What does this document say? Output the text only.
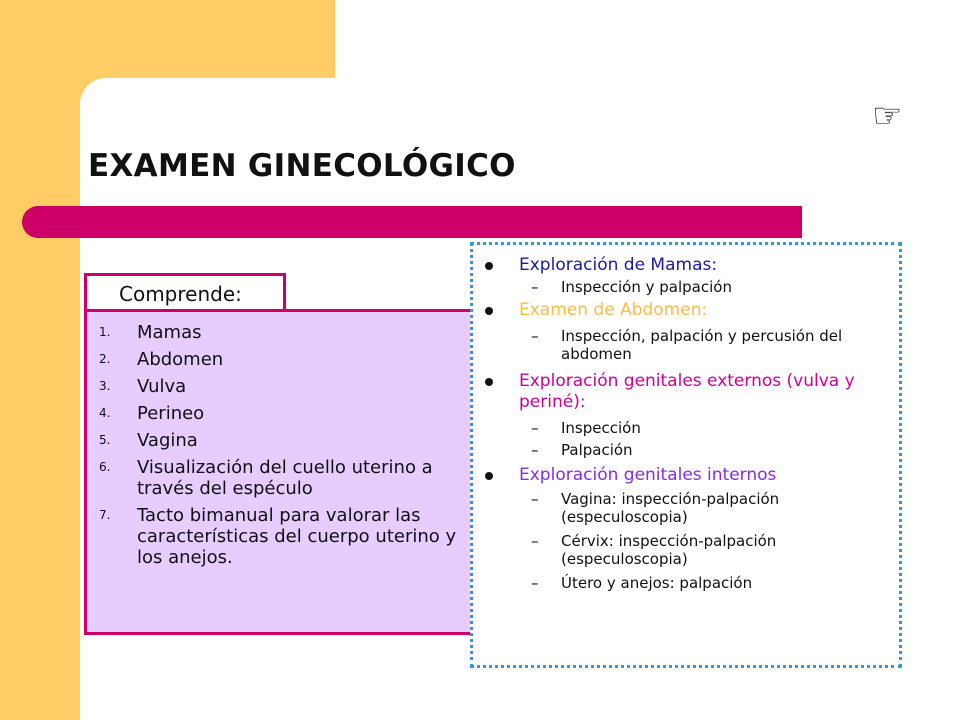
☞
EXAMEN GINECOLÓGICO
Comprende:
1.	Mamas
2.	Abdomen
3.	Vulva
4.	Perineo
5.	Vagina
6.	Visualización del cuello uterino a través del espéculo
7.	Tacto bimanual para valorar las características del cuerpo uterino y los anejos.
Exploración de Mamas:
– Inspección y palpación
Examen de Abdomen:
– Inspección, palpación y percusión del abdomen
Exploración genitales externos (vulva y periné):
– Inspección
– Palpación
Exploración genitales internos
– Vagina: inspección-palpación (especuloscopia)
– Cérvix: inspección-palpación (especuloscopia)
– Útero y anejos: palpación
